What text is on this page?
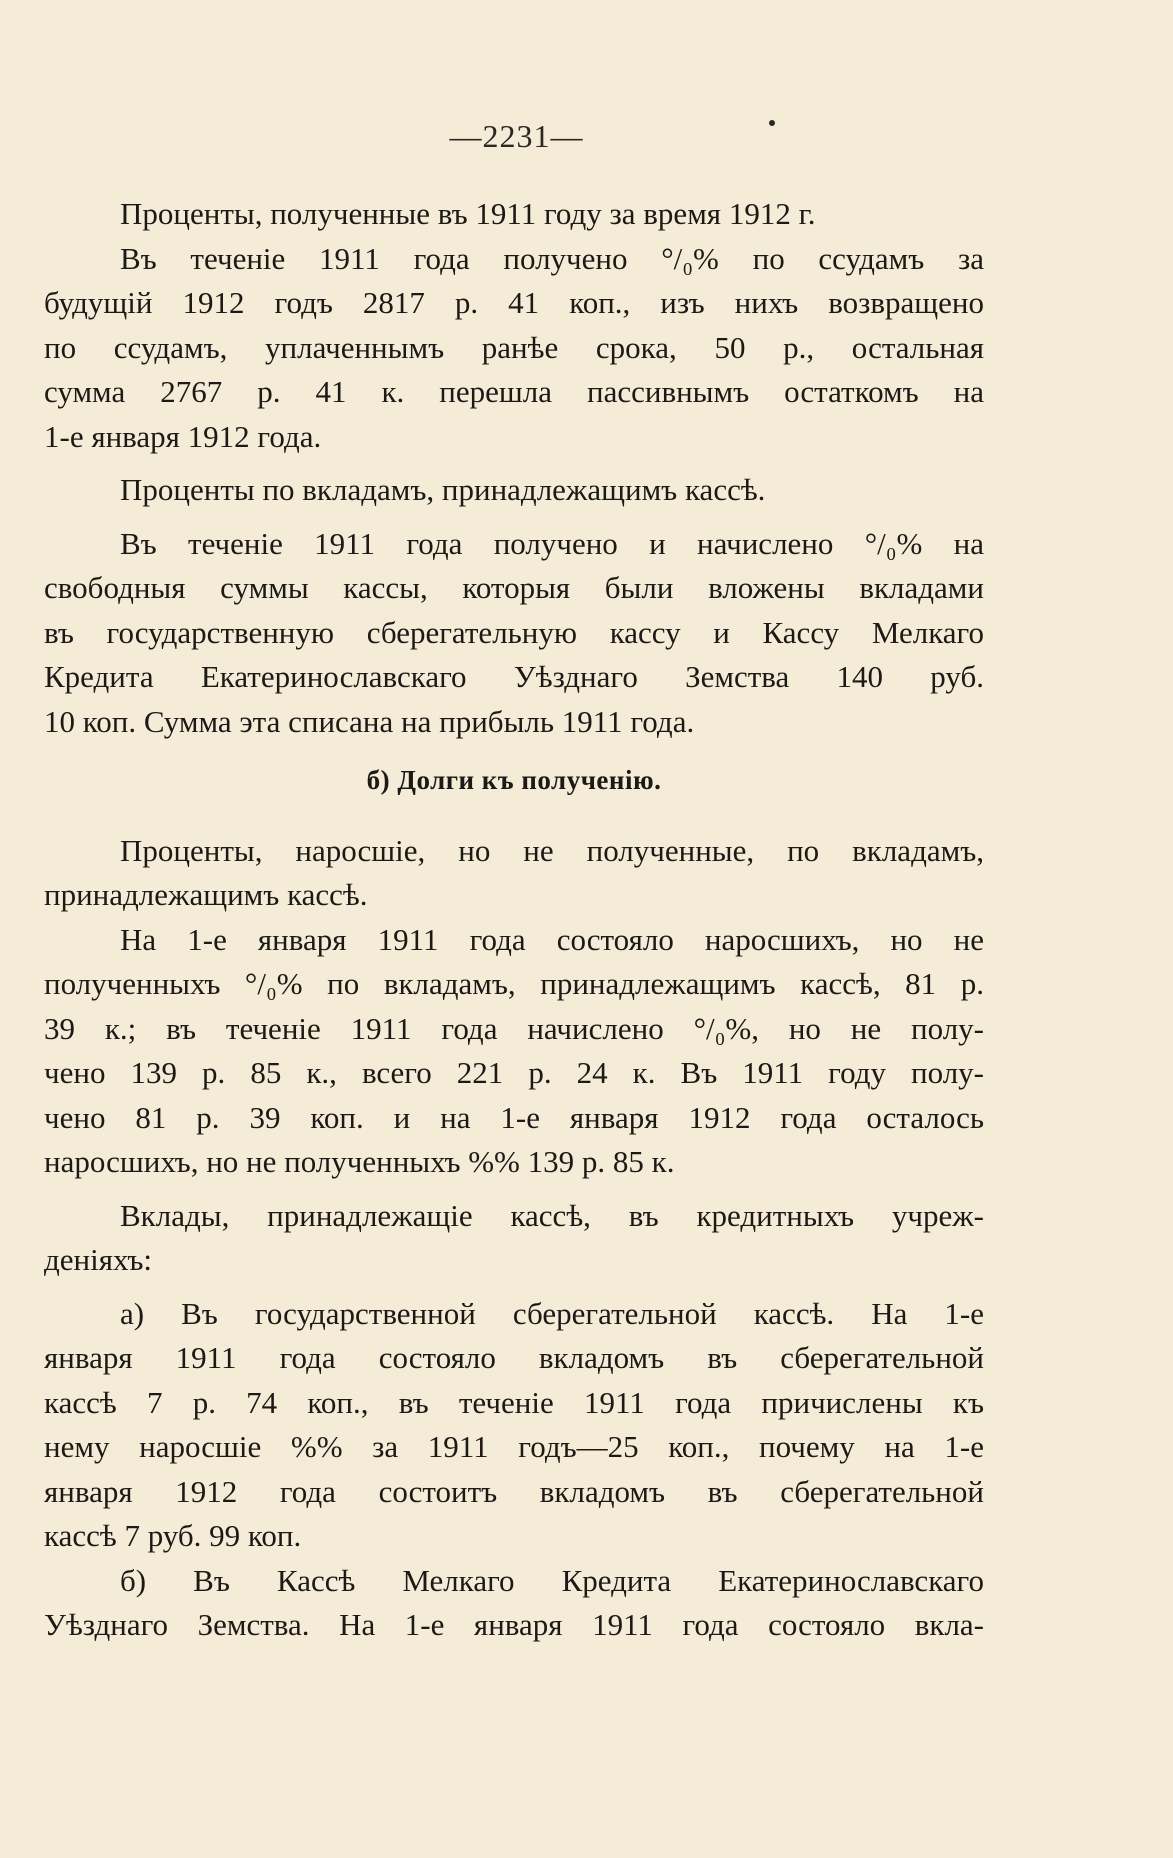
—2231—
Проценты, полученные въ 1911 году за время 1912 г.
Въ теченіе 1911 года получено °/₀% по ссудамъ за
будущій 1912 годъ 2817 р. 41 коп., изъ нихъ возвращено
по ссудамъ, уплаченнымъ ранѣе срока, 50 р., остальная
сумма 2767 р. 41 к. перешла пассивнымъ остаткомъ на
1-е января 1912 года.
Проценты по вкладамъ, принадлежащимъ кассѣ.
Въ теченіе 1911 года получено и начислено °/₀% на
свободныя суммы кассы, которыя были вложены вкладами
въ государственную сберегательную кассу и Кассу Мелкаго
Кредита Екатеринославскаго Уѣзднаго Земства 140 руб.
10 коп. Сумма эта списана на прибыль 1911 года.
б) Долги къ полученію.
Проценты, наросшіе, но не полученные, по вкладамъ,
принадлежащимъ кассѣ.
На 1-е января 1911 года состояло наросшихъ, но не
полученныхъ °/₀% по вкладамъ, принадлежащимъ кассѣ, 81 р.
39 к.; въ теченіе 1911 года начислено °/₀%, но не полу-
чено 139 р. 85 к., всего 221 р. 24 к. Въ 1911 году полу-
чено 81 р. 39 коп. и на 1-е января 1912 года осталось
наросшихъ, но не полученныхъ %% 139 р. 85 к.
Вклады, принадлежащіе кассѣ, въ кредитныхъ учреж-
деніяхъ:
а) Въ государственной сберегательной кассѣ. На 1-е
января 1911 года состояло вкладомъ въ сберегательной
кассѣ 7 р. 74 коп., въ теченіе 1911 года причислены къ
нему наросшіе %% за 1911 годъ—25 коп., почему на 1-е
января 1912 года состоитъ вкладомъ въ сберегательной
кассѣ 7 руб. 99 коп.
б) Въ Кассѣ Мелкаго Кредита Екатеринославскаго
Уѣзднаго Земства. На 1-е января 1911 года состояло вкла-
